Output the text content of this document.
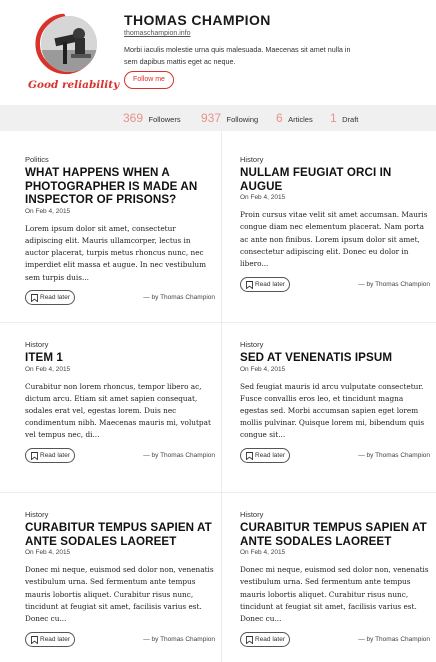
Good reliability
THOMAS CHAMPION
thomaschampion.info
Morbi iaculis molestie urna quis malesuada. Maecenas sit amet nulla in sem dapibus mattis eget ac neque.
Follow me
369 Followers 937 Following 6 Articles 1 Draft
Politics
WHAT HAPPENS WHEN A PHOTOGRAPHER IS MADE AN INSPECTOR OF PRISONS?
On Feb 4, 2015
Lorem ipsum dolor sit amet, consectetur adipiscing elit. Mauris ullamcorper, lectus in auctor placerat, turpis metus rhoncus nunc, nec imperdiet elit massa et augue. In nec vestibulum sem turpis duis...
Read later	— by Thomas Champion
History
NULLAM FEUGIAT ORCI IN AUGUE
On Feb 4, 2015
Proin cursus vitae velit sit amet accumsan. Mauris congue diam nec elementum placerat. Nam porta ac ante non finibus. Lorem ipsum dolor sit amet, consectetur adipiscing elit. Donec eu dolor in libero...
Read later	— by Thomas Champion
History
ITEM 1
On Feb 4, 2015
Curabitur non lorem rhoncus, tempor libero ac, dictum arcu. Etiam sit amet sapien consequat, sodales erat vel, egestas lorem. Duis nec condimentum nibh. Maecenas mauris mi, volutpat vel tempus nec, di...
Read later	— by Thomas Champion
History
SED AT VENENATIS IPSUM
On Feb 4, 2015
Sed feugiat mauris id arcu vulputate consectetur. Fusce convallis eros leo, et tincidunt magna egestas sed. Morbi accumsan sapien eget lorem mollis pulvinar. Quisque lorem mi, bibendum quis congue sit...
Read later	— by Thomas Champion
History
CURABITUR TEMPUS SAPIEN AT ANTE SODALES LAOREET
On Feb 4, 2015
Donec mi neque, euismod sed dolor non, venenatis vestibulum urna. Sed fermentum ante tempus mauris lobortis aliquet. Curabitur risus nunc, tincidunt at feugiat sit amet, facilisis varius est. Donec cu...
Read later	— by Thomas Champion
History
CURABITUR TEMPUS SAPIEN AT ANTE SODALES LAOREET
On Feb 4, 2015
Donec mi neque, euismod sed dolor non, venenatis vestibulum urna. Sed fermentum ante tempus mauris lobortis aliquet. Curabitur risus nunc, tincidunt at feugiat sit amet, facilisis varius est. Donec cu...
Read later	— by Thomas Champion
